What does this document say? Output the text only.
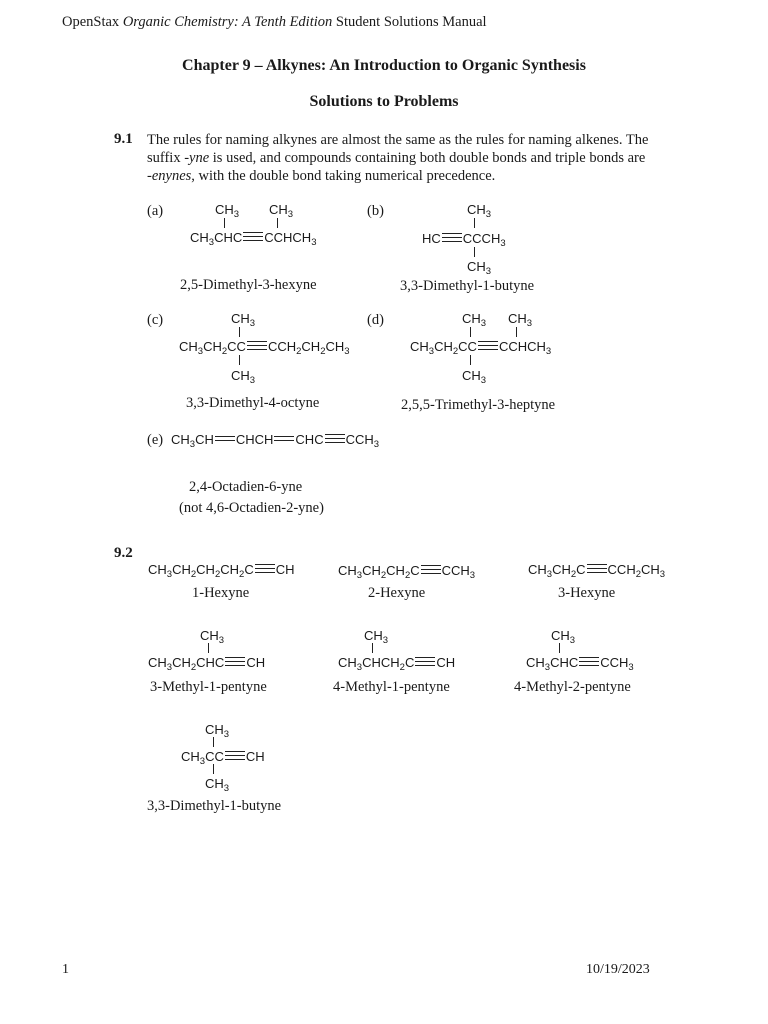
OpenStax Organic Chemistry: A Tenth Edition Student Solutions Manual
Chapter 9 – Alkynes: An Introduction to Organic Synthesis
Solutions to Problems
9.1 The rules for naming alkynes are almost the same as the rules for naming alkenes. The
suffix -yne is used, and compounds containing both double bonds and triple bonds are
-enynes, with the double bond taking numerical precedence.
(a)	$CH_3$ $CH_3$
$CH_3CHC$ $CCHCH_3$
2,5-Dimethyl-3-hexyne
(b)	$CH_3$
HC $CCCH_3$
$CH_3$
3,3-Dimethyl-1-butyne
(c)	$CH_3$
$CH_3CH_2CC$ $CCH_2CH_2CH_3$
$CH_3$
3,3-Dimethyl-4-octyne
(d)	$CH_3$ $CH_3$
$CH_3CH_2CC$ $CCHCH_3$
$CH_3$
2,5,5-Trimethyl-3-heptyne
(e) $CH_3CH$ CHCH CHC $CCH_3$
2,4-Octadien-6-yne
(not 4,6-Octadien-2-yne)
9.2
$CH_3CH_2CH_2CH_2C$ CH
1-Hexyne
$CH_3CH_2CH_2C$ $CCH_3$
2-Hexyne
$CH_3CH_2C$ $CCH_2CH_3$
3-Hexyne
$CH_3$
$CH_3CH_2CHC$ CH
3-Methyl-1-pentyne
$CH_3$
$CH_3CHCH_2C$ CH
4-Methyl-1-pentyne
$CH_3$
$CH_3CHC$ $CCH_3$
4-Methyl-2-pentyne
$CH_3$
$CH_3CC$ CH
$CH_3$
3,3-Dimethyl-1-butyne
1	10/19/2023
